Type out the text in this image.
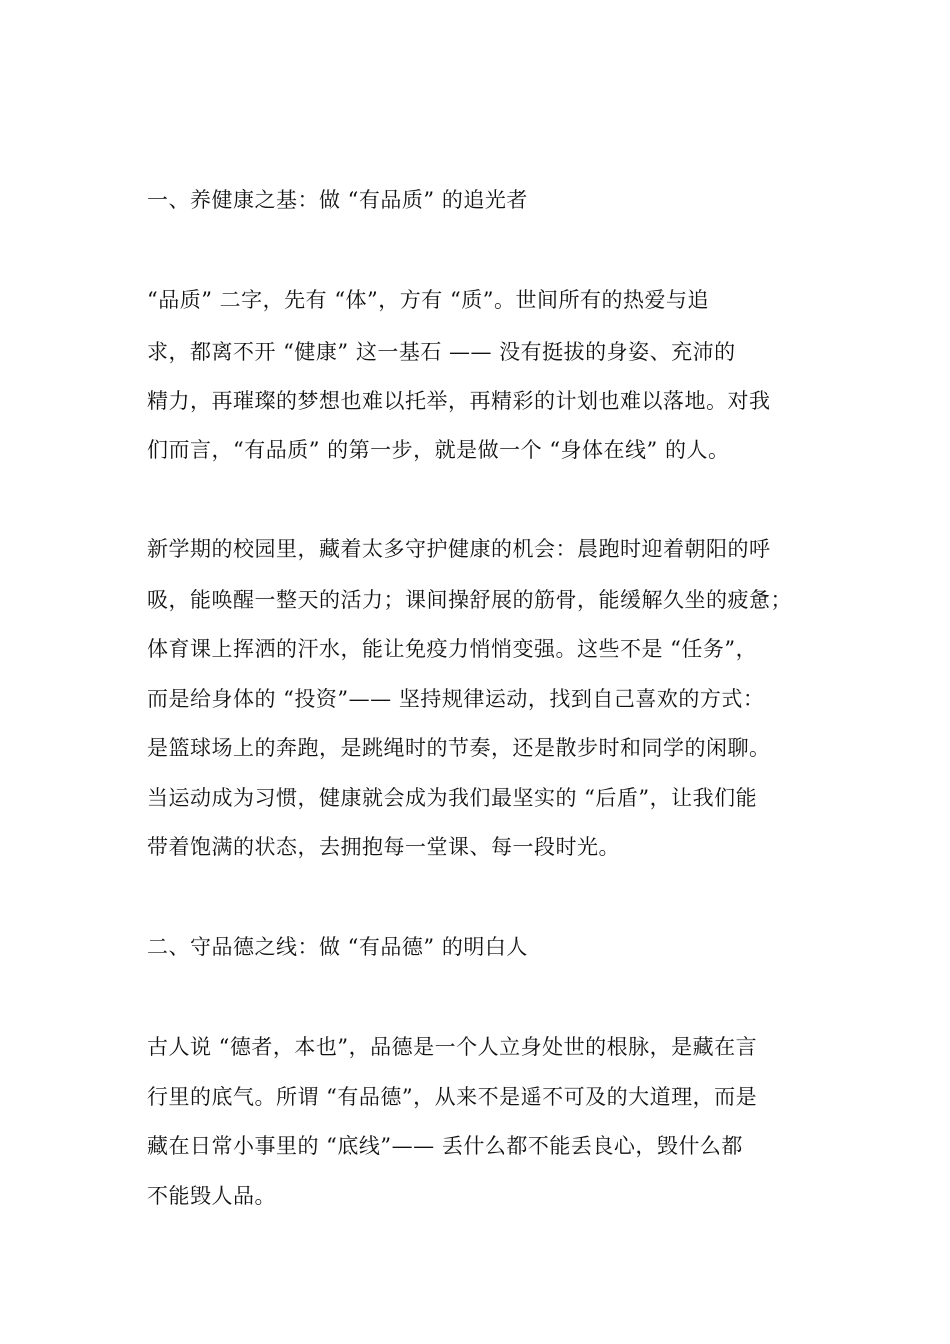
一、养健康之基：做 “有品质” 的追光者
“品质” 二字，先有 “体”，方有 “质”。世间所有的热爱与追
求，都离不开 “健康” 这一基石 —— 没有挺拔的身姿、充沛的
精力，再璀璨的梦想也难以托举，再精彩的计划也难以落地。对我
们而言，“有品质” 的第一步，就是做一个 “身体在线” 的人。
新学期的校园里，藏着太多守护健康的机会：晨跑时迎着朝阳的呼
吸，能唤醒一整天的活力；课间操舒展的筋骨，能缓解久坐的疲惫；
体育课上挥洒的汗水，能让免疫力悄悄变强。这些不是 “任务”，
而是给身体的 “投资”—— 坚持规律运动，找到自己喜欢的方式：
是篮球场上的奔跑，是跳绳时的节奏，还是散步时和同学的闲聊。
当运动成为习惯，健康就会成为我们最坚实的 “后盾”，让我们能
带着饱满的状态，去拥抱每一堂课、每一段时光。
二、守品德之线：做 “有品德” 的明白人
古人说 “德者，本也”，品德是一个人立身处世的根脉，是藏在言
行里的底气。所谓 “有品德”，从来不是遥不可及的大道理，而是
藏在日常小事里的 “底线”—— 丢什么都不能丢良心，毁什么都
不能毁人品。
